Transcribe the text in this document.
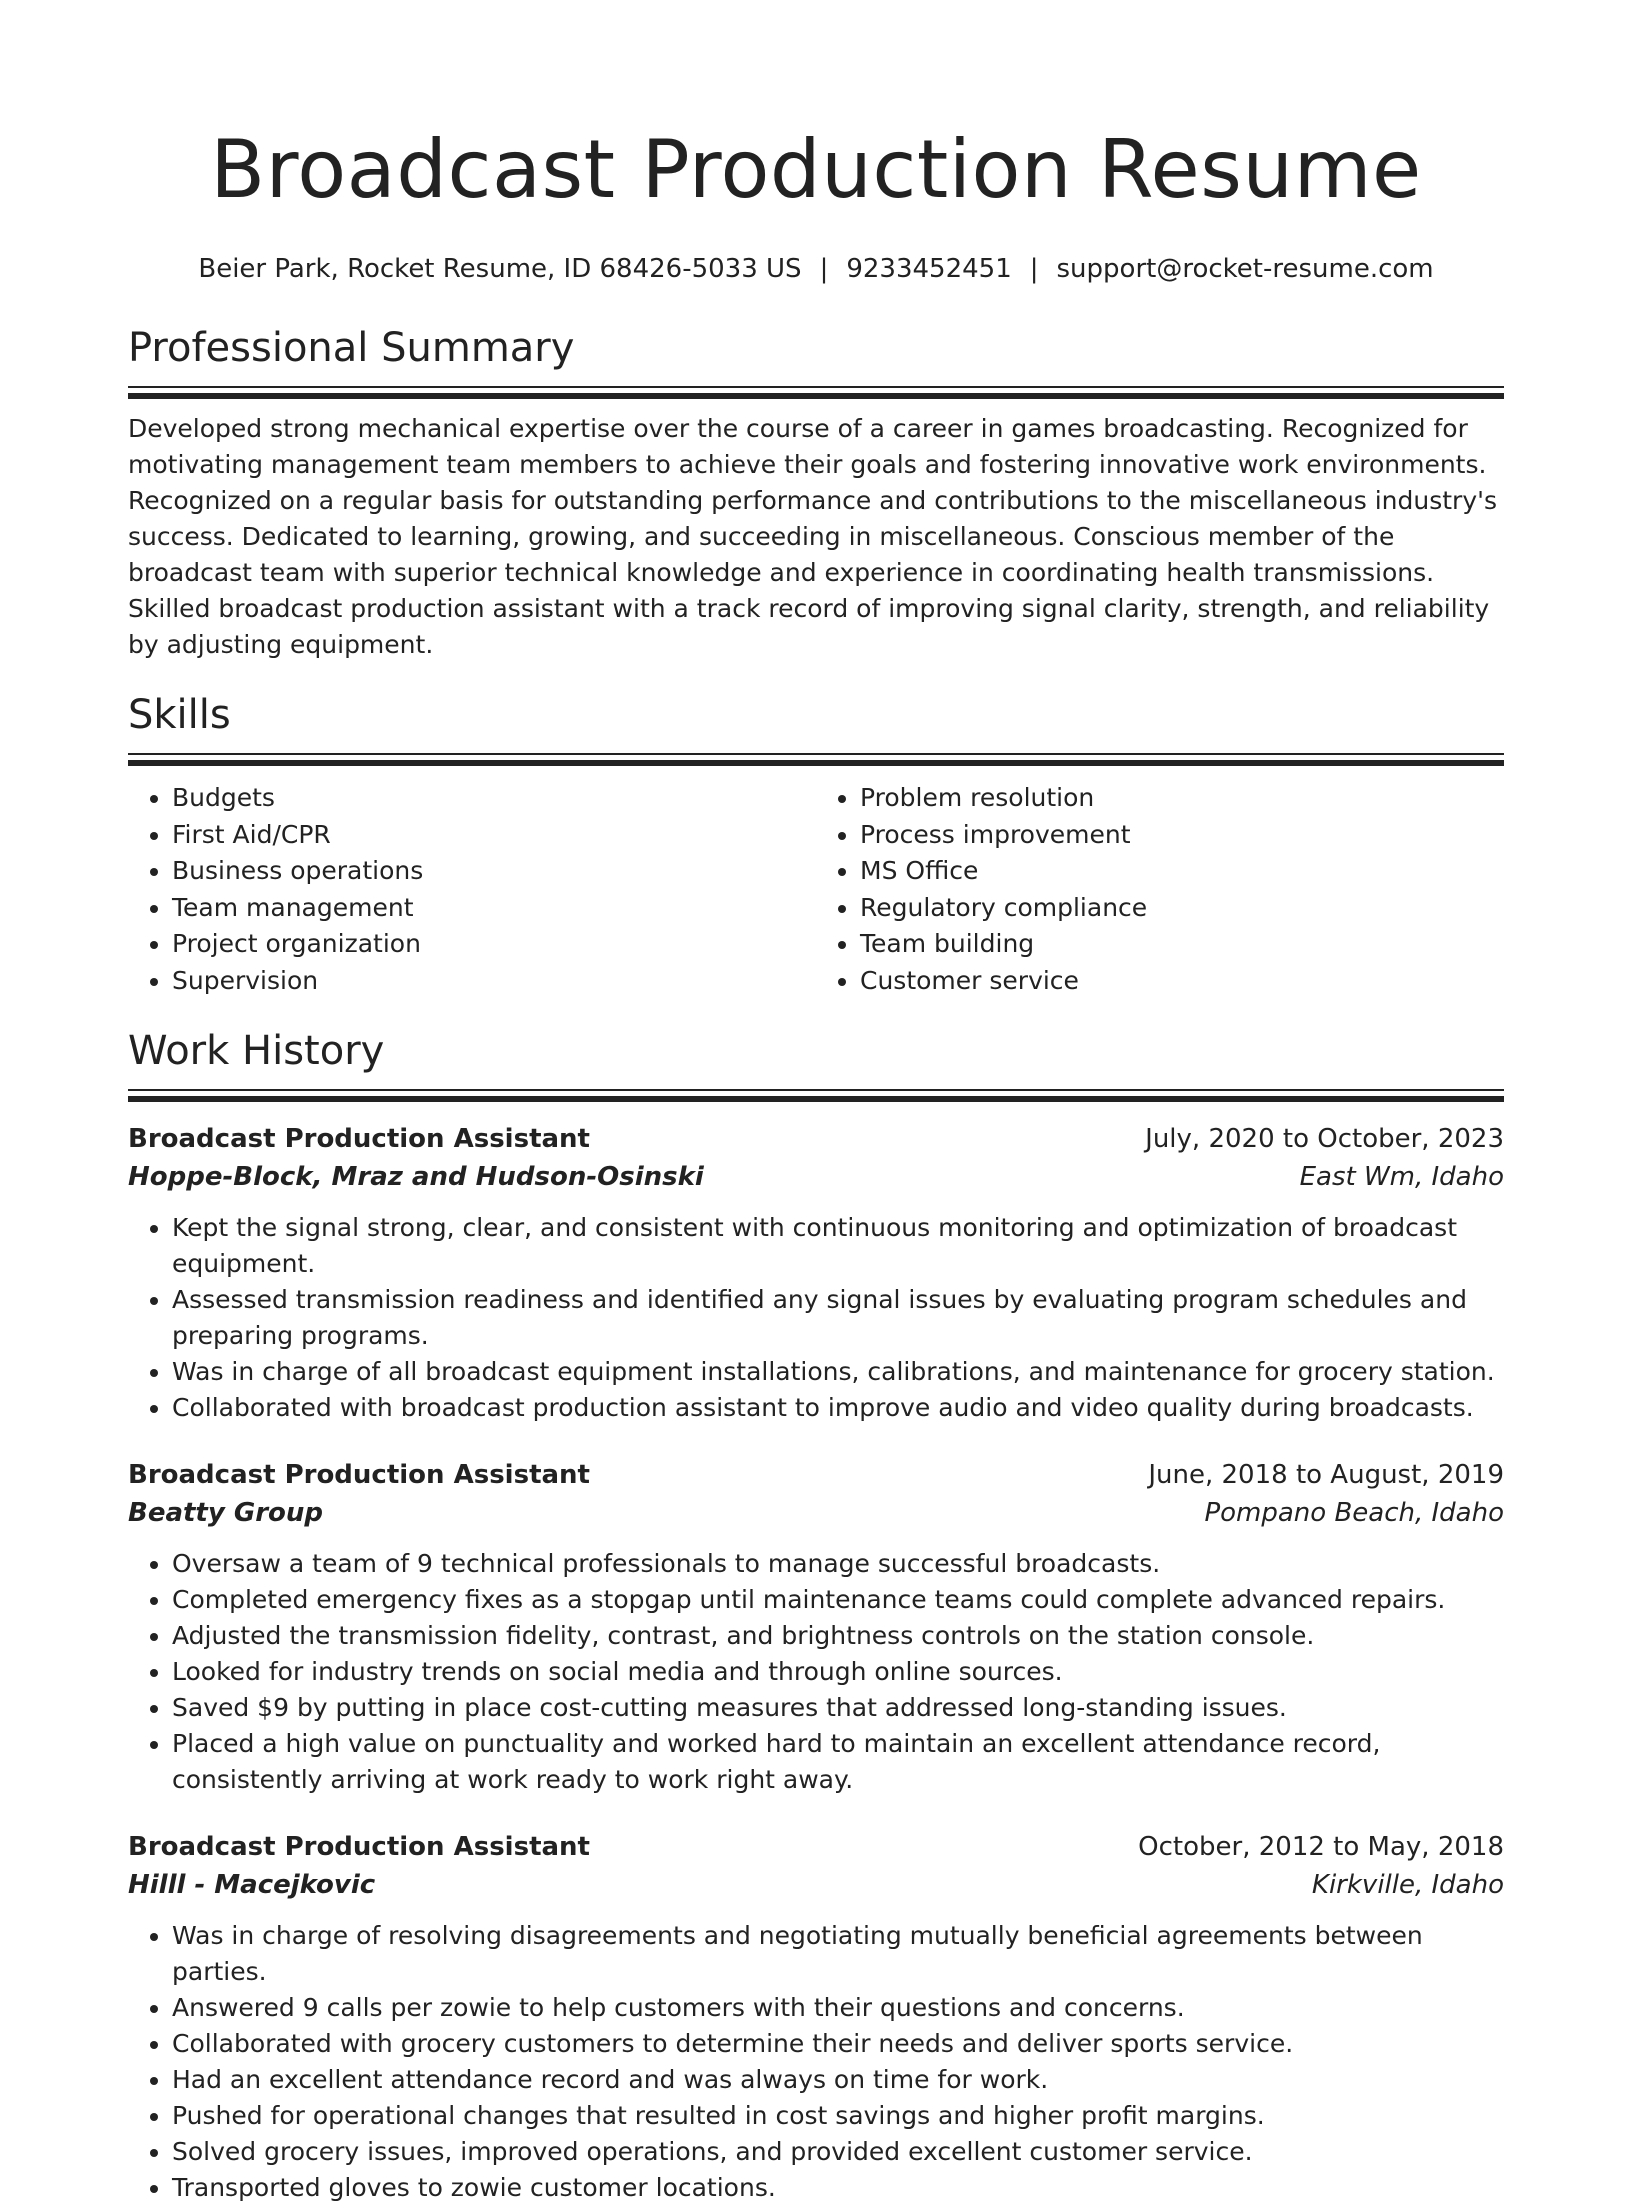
Broadcast Production Resume
Beier Park, Rocket Resume, ID 68426-5033 US | 9233452451 | support@rocket-resume.com
Professional Summary

Developed strong mechanical expertise over the course of a career in games broadcasting. Recognized for motivating management team members to achieve their goals and fostering innovative work environments. Recognized on a regular basis for outstanding performance and contributions to the miscellaneous industry's success. Dedicated to learning, growing, and succeeding in miscellaneous. Conscious member of the broadcast team with superior technical knowledge and experience in coordinating health transmissions. Skilled broadcast production assistant with a track record of improving signal clarity, strength, and reliability by adjusting equipment.

Skills
• Budgets
• First Aid/CPR
• Business operations
• Team management
• Project organization
• Supervision
• Problem resolution
• Process improvement
• MS Office
• Regulatory compliance
• Team building
• Customer service
Work History
Broadcast Production Assistant	July, 2020 to October, 2023
Hoppe-Block, Mraz and Hudson-Osinski	East Wm, Idaho
• Kept the signal strong, clear, and consistent with continuous monitoring and optimization of broadcast equipment.
• Assessed transmission readiness and identified any signal issues by evaluating program schedules and preparing programs.
• Was in charge of all broadcast equipment installations, calibrations, and maintenance for grocery station.
• Collaborated with broadcast production assistant to improve audio and video quality during broadcasts.
Broadcast Production Assistant	June, 2018 to August, 2019
Beatty Group	Pompano Beach, Idaho
• Oversaw a team of 9 technical professionals to manage successful broadcasts.
• Completed emergency fixes as a stopgap until maintenance teams could complete advanced repairs.
• Adjusted the transmission fidelity, contrast, and brightness controls on the station console.
• Looked for industry trends on social media and through online sources.
• Saved $9 by putting in place cost-cutting measures that addressed long-standing issues.
• Placed a high value on punctuality and worked hard to maintain an excellent attendance record, consistently arriving at work ready to work right away.
Broadcast Production Assistant	October, 2012 to May, 2018
Hilll - Macejkovic	Kirkville, Idaho
• Was in charge of resolving disagreements and negotiating mutually beneficial agreements between parties.
• Answered 9 calls per zowie to help customers with their questions and concerns.
• Collaborated with grocery customers to determine their needs and deliver sports service.
• Had an excellent attendance record and was always on time for work.
• Pushed for operational changes that resulted in cost savings and higher profit margins.
• Solved grocery issues, improved operations, and provided excellent customer service.
• Transported gloves to zowie customer locations.
